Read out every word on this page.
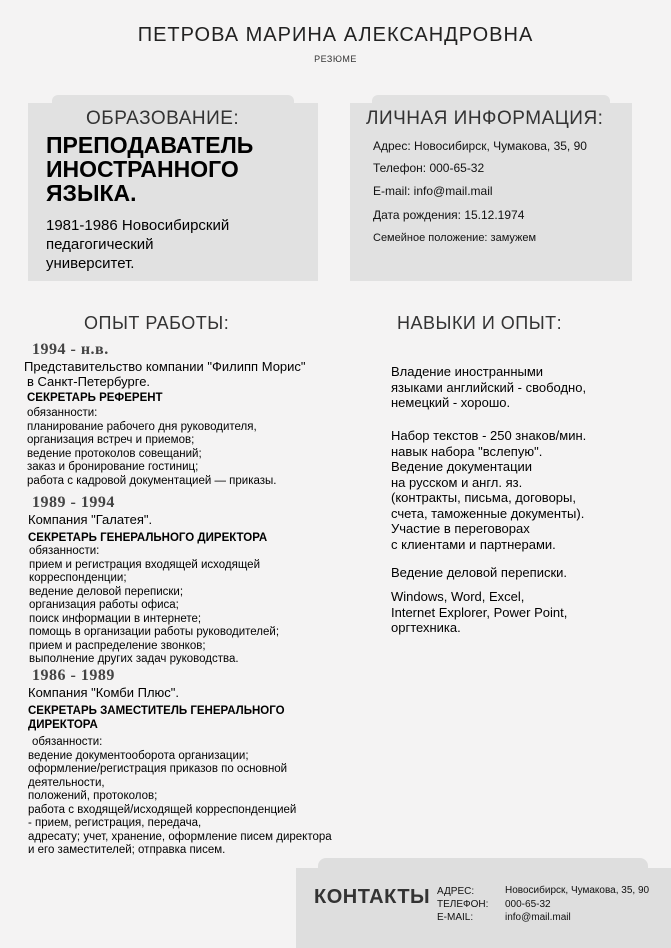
ПЕТРОВА МАРИНА АЛЕКСАНДРОВНА
РЕЗЮМЕ
ОБРАЗОВАНИЕ:
ПРЕПОДАВАТЕЛЬ
ИНОСТРАННОГО
ЯЗЫКА.
1981-1986 Новосибирский
педагогический
университет.
ЛИЧНАЯ ИНФОРМАЦИЯ:
Адрес: Новосибирск, Чумакова, 35, 90
Телефон: 000-65-32
E-mail: info@mail.mail
Дата рождения: 15.12.1974
Семейное положение: замужем
ОПЫТ РАБОТЫ:
1994 - н.в.
Представительство компании "Филипп Морис"
в Санкт-Петербурге.
СЕКРЕТАРЬ РЕФЕРЕНТ
обязанности:
планирование рабочего дня руководителя,
организация встреч и приемов;
ведение протоколов совещаний;
заказ и бронирование гостиниц;
работа с кадровой документацией — приказы.
1989 - 1994
Компания "Галатея".
СЕКРЕТАРЬ ГЕНЕРАЛЬНОГО ДИРЕКТОРА
обязанности:
прием и регистрация входящей исходящей
корреспонденции;
ведение деловой переписки;
организация работы офиса;
поиск информации в интернете;
помощь в организации работы руководителей;
прием и распределение звонков;
выполнение других задач руководства.
1986 - 1989
Компания "Комби Плюс".
СЕКРЕТАРЬ ЗАМЕСТИТЕЛЬ ГЕНЕРАЛЬНОГО
ДИРЕКТОРА
обязанности:
ведение документооборота организации;
оформление/регистрация приказов по основной
деятельности,
положений, протоколов;
работа с входящей/исходящей корреспонденцией
- прием, регистрация, передача,
адресату; учет, хранение, оформление писем директора
и его заместителей; отправка писем.
НАВЫКИ И ОПЫТ:
Владение иностранными
языками английский - свободно,
немецкий - хорошо.
Набор текстов - 250 знаков/мин.
навык набора "вслепую".
Ведение документации
на русском и англ. яз.
(контракты, письма, договоры,
счета, таможенные документы).
Участие в переговорах
с клиентами и партнерами.
Ведение деловой переписки.
Windows, Word, Excel,
Internet Explorer, Power Point,
оргтехника.
КОНТАКТЫ АДРЕС:	Новосибирск, Чумакова, 35, 90
ТЕЛЕФОН: 000-65-32
E-MAIL:	info@mail.mail
